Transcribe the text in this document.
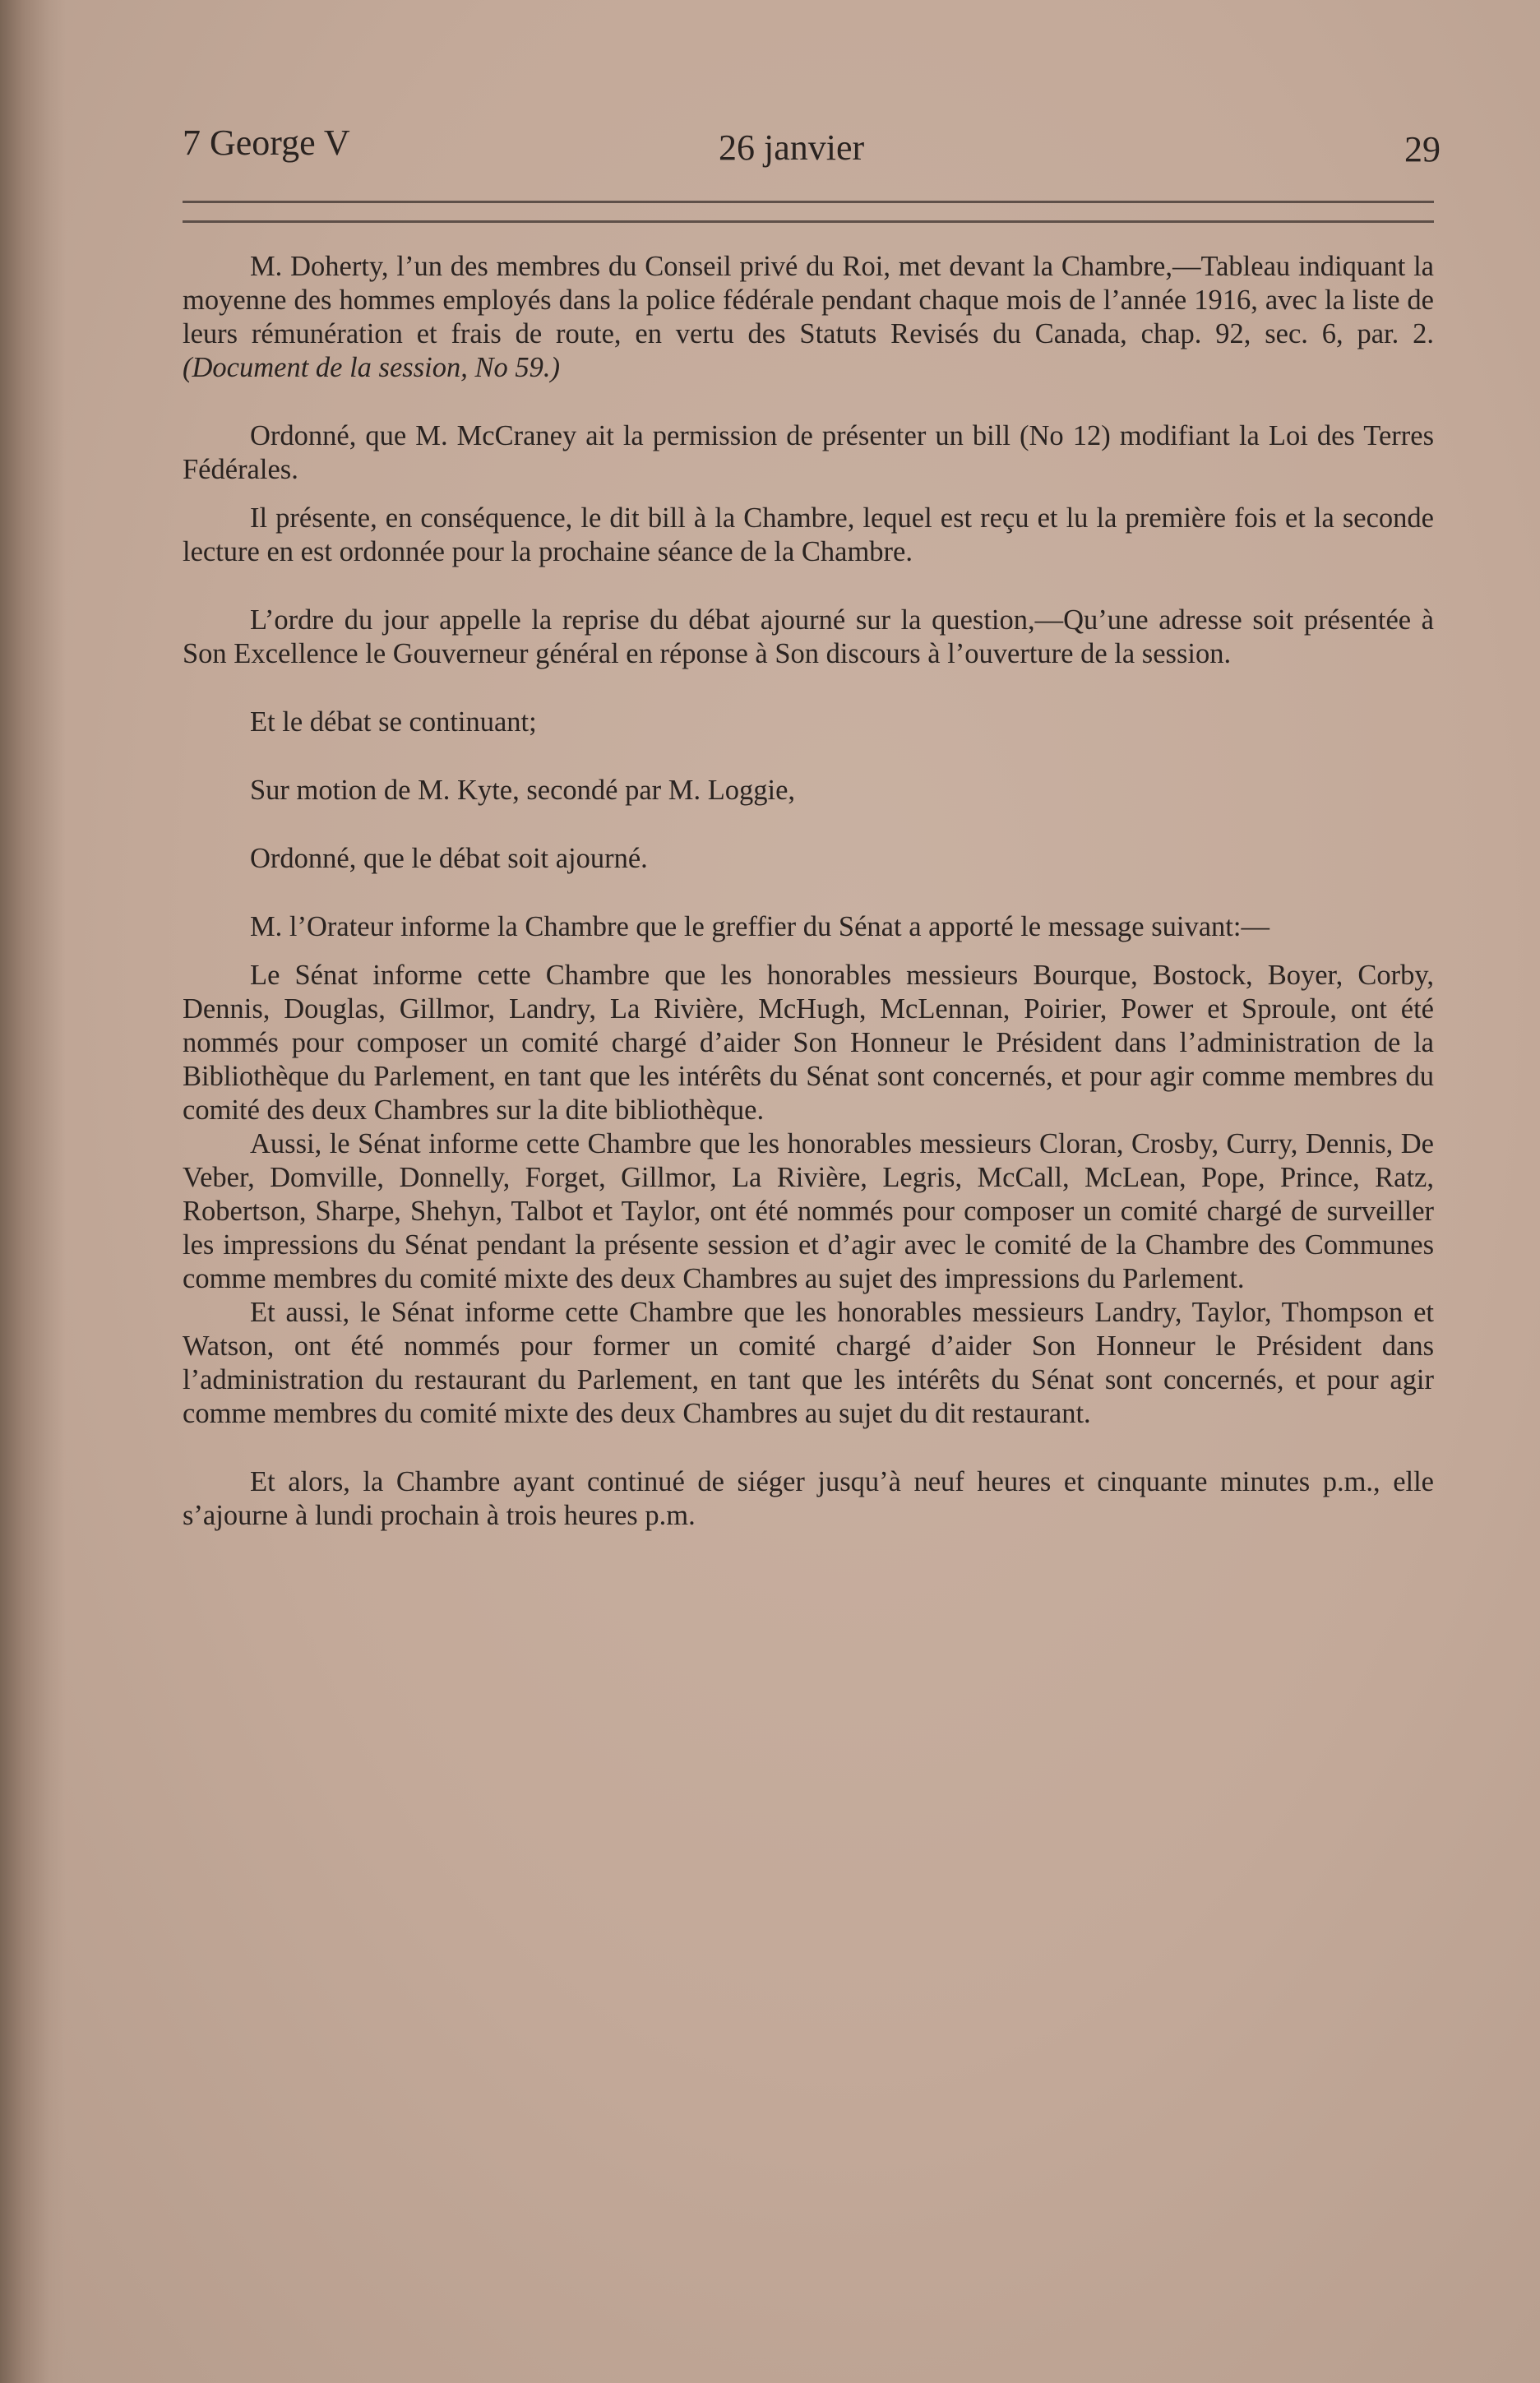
7 George V	26 janvier	29

M. Doherty, l’un des membres du Conseil privé du Roi, met devant la Chambre,—Tableau indiquant la moyenne des hommes employés dans la police fédérale pendant chaque mois de l’année 1916, avec la liste de leurs rémunération et frais de route, en vertu des Statuts Revisés du Canada, chap. 92, sec. 6, par. 2. (Document de la session, No 59.)

Ordonné, que M. McCraney ait la permission de présenter un bill (No 12) modifiant la Loi des Terres Fédérales.

Il présente, en conséquence, le dit bill à la Chambre, lequel est reçu et lu la première fois et la seconde lecture en est ordonnée pour la prochaine séance de la Chambre.

L’ordre du jour appelle la reprise du débat ajourné sur la question,—Qu’une adresse soit présentée à Son Excellence le Gouverneur général en réponse à Son discours à l’ouverture de la session.

Et le débat se continuant;

Sur motion de M. Kyte, secondé par M. Loggie,

Ordonné, que le débat soit ajourné.

M. l’Orateur informe la Chambre que le greffier du Sénat a apporté le message suivant:—

Le Sénat informe cette Chambre que les honorables messieurs Bourque, Bostock, Boyer, Corby, Dennis, Douglas, Gillmor, Landry, La Rivière, McHugh, McLennan, Poirier, Power et Sproule, ont été nommés pour composer un comité chargé d’aider Son Honneur le Président dans l’administration de la Bibliothèque du Parlement, en tant que les intérêts du Sénat sont concernés, et pour agir comme membres du comité des deux Chambres sur la dite bibliothèque.

Aussi, le Sénat informe cette Chambre que les honorables messieurs Cloran, Crosby, Curry, Dennis, De Veber, Domville, Donnelly, Forget, Gillmor, La Rivière, Legris, McCall, McLean, Pope, Prince, Ratz, Robertson, Sharpe, Shehyn, Talbot et Taylor, ont été nommés pour composer un comité chargé de surveiller les impressions du Sénat pendant la présente session et d’agir avec le comité de la Chambre des Communes comme membres du comité mixte des deux Chambres au sujet des impressions du Parlement.

Et aussi, le Sénat informe cette Chambre que les honorables messieurs Landry, Taylor, Thompson et Watson, ont été nommés pour former un comité chargé d’aider Son Honneur le Président dans l’administration du restaurant du Parlement, en tant que les intérêts du Sénat sont concernés, et pour agir comme membres du comité mixte des deux Chambres au sujet du dit restaurant.

Et alors, la Chambre ayant continué de siéger jusqu’à neuf heures et cinquante minutes p.m., elle s’ajourne à lundi prochain à trois heures p.m.
